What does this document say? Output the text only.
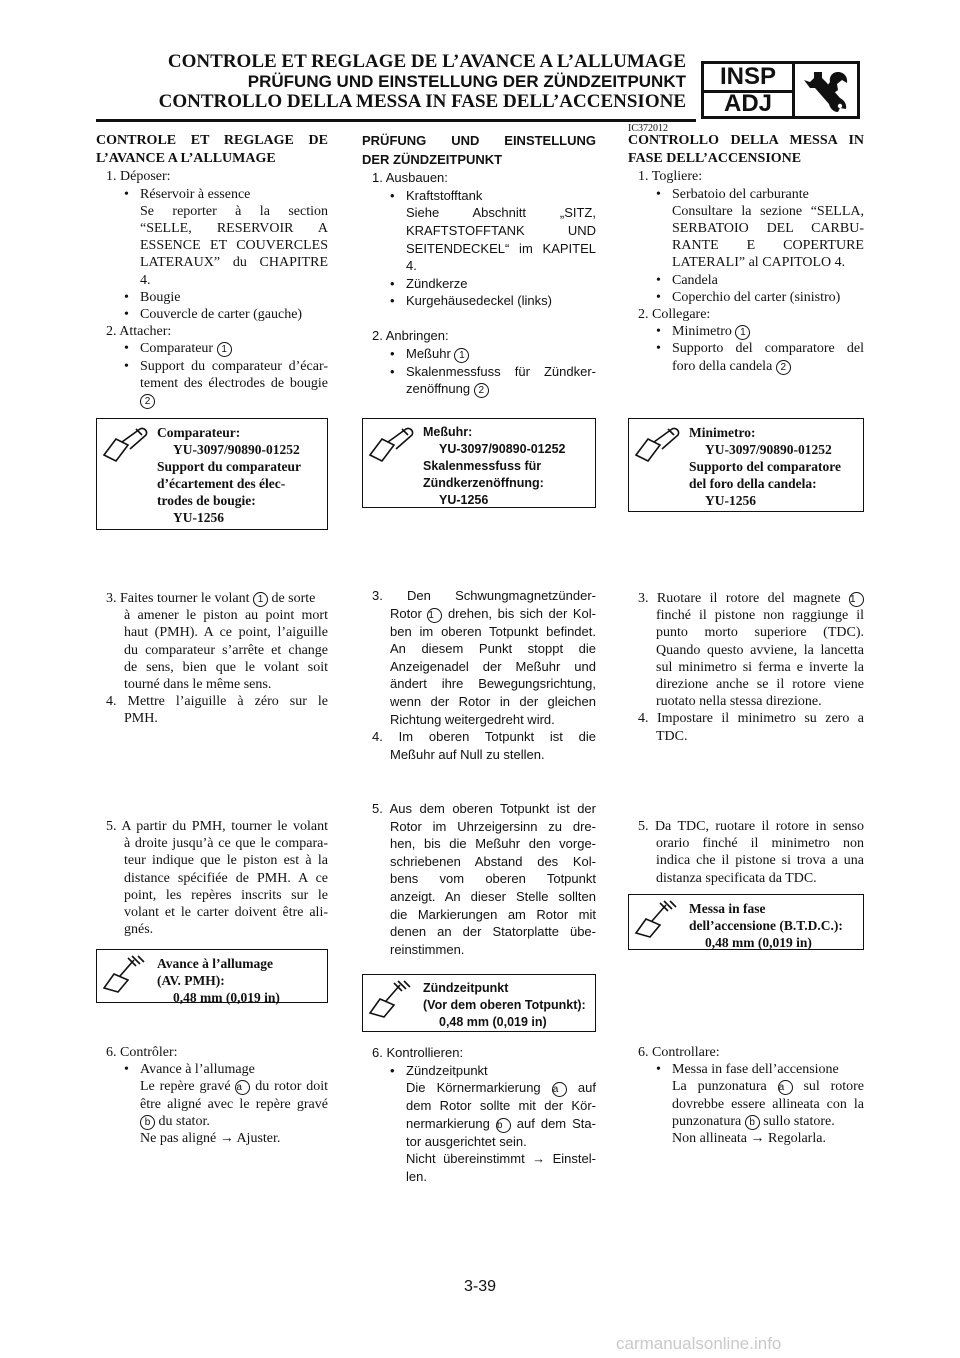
CONTROLE ET REGLAGE DE L’AVANCE A L’ALLUMAGE
PRÜFUNG UND EINSTELLUNG DER ZÜNDZEITPUNKT
CONTROLLO DELLA MESSA IN FASE DELL’ACCENSIONE
INSP
ADJ
IC372012
CONTROLE ET REGLAGE DE
L’AVANCE A L’ALLUMAGE
1. Déposer:
• Réservoir à essence
Se reporter à la section
“SELLE, RESERVOIR A
ESSENCE ET COUVERCLES
LATERAUX” du CHAPITRE
4.
• Bougie
• Couvercle de carter (gauche)
2. Attacher:
• Comparateur 1
• Support du comparateur d’écar-
tement des électrodes de bougie
2
Comparateur:
YU-3097/90890-01252
Support du comparateur
d’écartement des élec-
trodes de bougie:
YU-1256
3. Faites tourner le volant 1 de sorte
à amener le piston au point mort
haut (PMH). A ce point, l’aiguille
du comparateur s’arrête et change
de sens, bien que le volant soit
tourné dans le même sens.
4. Mettre l’aiguille à zéro sur le
PMH.
5. A partir du PMH, tourner le volant
à droite jusqu’à ce que le compara-
teur indique que le piston est à la
distance spécifiée de PMH. A ce
point, les repères inscrits sur le
volant et le carter doivent être ali-
gnés.
Avance à l’allumage
(AV. PMH):
0,48 mm (0,019 in)
6. Contrôler:
• Avance à l’allumage
Le repère gravé a du rotor doit
être aligné avec le repère gravé
b du stator.
Ne pas aligné → Ajuster.
PRÜFUNG UND EINSTELLUNG
DER ZÜNDZEITPUNKT
1. Ausbauen:
• Kraftstofftank
Siehe Abschnitt „SITZ,
KRAFTSTOFFTANK UND
SEITENDECKEL“ im KAPITEL
4.
• Zündkerze
• Kurgehäusedeckel (links)
2. Anbringen:
• Meßuhr 1
• Skalenmessfuss für Zündker-
zenöffnung 2
Meßuhr:
YU-3097/90890-01252
Skalenmessfuss für
Zündkerzenöffnung:
YU-1256
3. Den Schwungmagnetzünder-
Rotor 1 drehen, bis sich der Kol-
ben im oberen Totpunkt befindet.
An diesem Punkt stoppt die
Anzeigenadel der Meßuhr und
ändert ihre Bewegungsrichtung,
wenn der Rotor in der gleichen
Richtung weitergedreht wird.
4. Im oberen Totpunkt ist die
Meßuhr auf Null zu stellen.
5. Aus dem oberen Totpunkt ist der
Rotor im Uhrzeigersinn zu dre-
hen, bis die Meßuhr den vorge-
schriebenen Abstand des Kol-
bens vom oberen Totpunkt
anzeigt. An dieser Stelle sollten
die Markierungen am Rotor mit
denen an der Statorplatte übe-
reinstimmen.
Zündzeitpunkt
(Vor dem oberen Totpunkt):
0,48 mm (0,019 in)
6. Kontrollieren:
• Zündzeitpunkt
Die Körnermarkierung a auf
dem Rotor sollte mit der Kör-
nermarkierung b auf dem Sta-
tor ausgerichtet sein.
Nicht übereinstimmt → Einstel-
len.
CONTROLLO DELLA MESSA IN
FASE DELL’ACCENSIONE
1. Togliere:
• Serbatoio del carburante
Consultare la sezione “SELLA,
SERBATOIO DEL CARBU-
RANTE E COPERTURE
LATERALI” al CAPITOLO 4.
• Candela
• Coperchio del carter (sinistro)
2. Collegare:
• Minimetro 1
• Supporto del comparatore del
foro della candela 2
Minimetro:
YU-3097/90890-01252
Supporto del comparatore
del foro della candela:
YU-1256
3. Ruotare il rotore del magnete 1
finché il pistone non raggiunge il
punto morto superiore (TDC).
Quando questo avviene, la lancetta
sul minimetro si ferma e inverte la
direzione anche se il rotore viene
ruotato nella stessa direzione.
4. Impostare il minimetro su zero a
TDC.
5. Da TDC, ruotare il rotore in senso
orario finché il minimetro non
indica che il pistone si trova a una
distanza specificata da TDC.
Messa in fase
dell’accensione (B.T.D.C.):
0,48 mm (0,019 in)
6. Controllare:
• Messa in fase dell’accensione
La punzonatura a sul rotore
dovrebbe essere allineata con la
punzonatura b sullo statore.
Non allineata → Regolarla.
3-39
carmanualsonline.info
